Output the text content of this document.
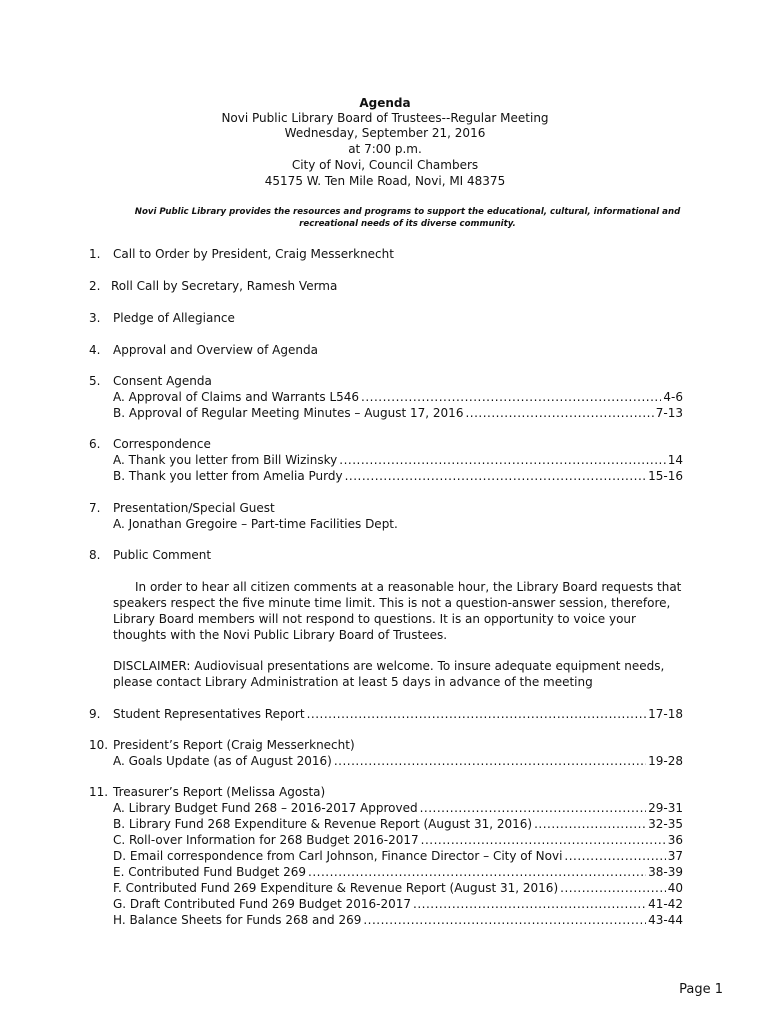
Agenda
Novi Public Library Board of Trustees--Regular Meeting
Wednesday, September 21, 2016
at 7:00 p.m.
City of Novi, Council Chambers
45175 W. Ten Mile Road, Novi, MI 48375
Novi Public Library provides the resources and programs to support the educational, cultural, informational and recreational needs of its diverse community.
1. Call to Order by President, Craig Messerknecht
2. Roll Call by Secretary, Ramesh Verma
3. Pledge of Allegiance
4. Approval and Overview of Agenda
5. Consent Agenda
A. Approval of Claims and Warrants L546 .....	4-6
B. Approval of Regular Meeting Minutes – August 17, 2016 .....	7-13
6. Correspondence
A. Thank you letter from Bill Wizinsky .....	14
B. Thank you letter from Amelia Purdy .....	15-16
7. Presentation/Special Guest
A. Jonathan Gregoire – Part-time Facilities Dept.
8. Public Comment
In order to hear all citizen comments at a reasonable hour, the Library Board requests that speakers respect the five minute time limit. This is not a question-answer session, therefore, Library Board members will not respond to questions. It is an opportunity to voice your thoughts with the Novi Public Library Board of Trustees.
DISCLAIMER: Audiovisual presentations are welcome. To insure adequate equipment needs, please contact Library Administration at least 5 days in advance of the meeting
9. Student Representatives Report .....	17-18
10. President’s Report (Craig Messerknecht)
A. Goals Update (as of August 2016) .....	19-28
11. Treasurer’s Report (Melissa Agosta)
A. Library Budget Fund 268 – 2016-2017 Approved .....	29-31
B. Library Fund 268 Expenditure & Revenue Report (August 31, 2016) .....	32-35
C. Roll-over Information for 268 Budget 2016-2017 .....	36
D. Email correspondence from Carl Johnson, Finance Director – City of Novi .....	37
E. Contributed Fund Budget 269 .....	38-39
F. Contributed Fund 269 Expenditure & Revenue Report (August 31, 2016) .....	40
G. Draft Contributed Fund 269 Budget 2016-2017 .....	41-42
H. Balance Sheets for Funds 268 and 269 .....	43-44
Page 1
